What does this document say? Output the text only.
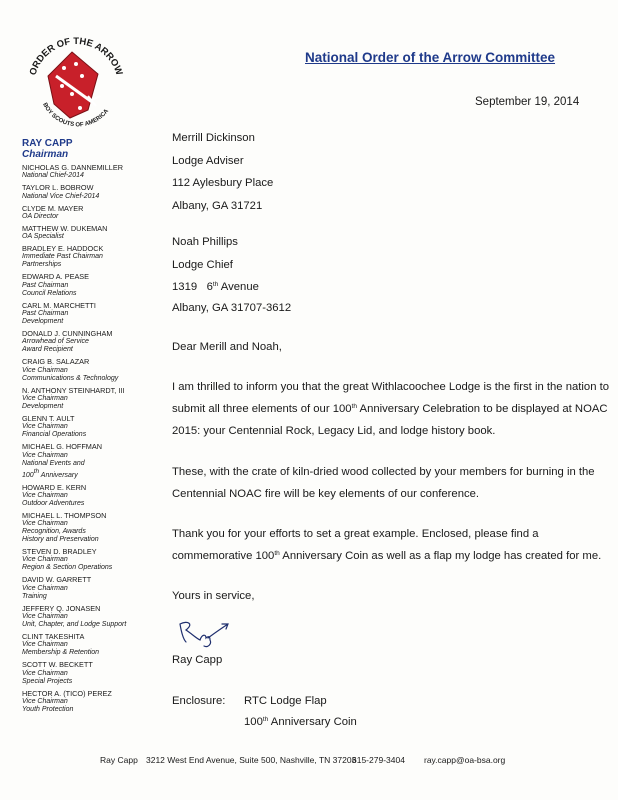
ORDER OF THE ARROW
BOY SCOUTS OF AMERICA
National Order of the Arrow Committee
September 19, 2014
RAY CAPP
Chairman
NICHOLAS G. DANNEMILLER
National Chief-2014
TAYLOR L. BOBROW
National Vice Chief-2014
CLYDE M. MAYER
OA Director
MATTHEW W. DUKEMAN
OA Specialist
BRADLEY E. HADDOCK
Immediate Past Chairman
Partnerships
EDWARD A. PEASE
Past Chairman
Council Relations
CARL M. MARCHETTI
Past Chairman
Development
DONALD J. CUNNINGHAM
Arrowhead of Service
Award Recipient
CRAIG B. SALAZAR
Vice Chairman
Communications & Technology
N. ANTHONY STEINHARDT, III
Vice Chairman
Development
GLENN T. AULT
Vice Chairman
Financial Operations
MICHAEL G. HOFFMAN
Vice Chairman
National Events and
100th Anniversary
HOWARD E. KERN
Vice Chairman
Outdoor Adventures
MICHAEL L. THOMPSON
Vice Chairman
Recognition, Awards
History and Preservation
STEVEN D. BRADLEY
Vice Chairman
Region & Section Operations
DAVID W. GARRETT
Vice Chairman
Training
JEFFERY Q. JONASEN
Vice Chairman
Unit, Chapter, and Lodge Support
CLINT TAKESHITA
Vice Chairman
Membership & Retention
SCOTT W. BECKETT
Vice Chairman
Special Projects
HECTOR A. (TICO) PEREZ
Vice Chairman
Youth Protection
Merrill Dickinson
Lodge Adviser
112 Aylesbury Place
Albany, GA 31721
Noah Phillips
Lodge Chief
1319 6th Avenue
Albany, GA 31707-3612
Dear Merill and Noah,
I am thrilled to inform you that the great Withlacoochee Lodge is the first in the nation to
submit all three elements of our 100th Anniversary Celebration to be displayed at NOAC
2015: your Centennial Rock, Legacy Lid, and lodge history book.
These, with the crate of kiln-dried wood collected by your members for burning in the
Centennial NOAC fire will be key elements of our conference.
Thank you for your efforts to set a great example. Enclosed, please find a
commemorative 100th Anniversary Coin as well as a flap my lodge has created for me.
Yours in service,
Ray Capp
Enclosure: RTC Lodge Flap
100th Anniversary Coin
Ray Capp 3212 West End Avenue, Suite 500, Nashville, TN 37203
615-279-3404 ray.capp@oa-bsa.org
